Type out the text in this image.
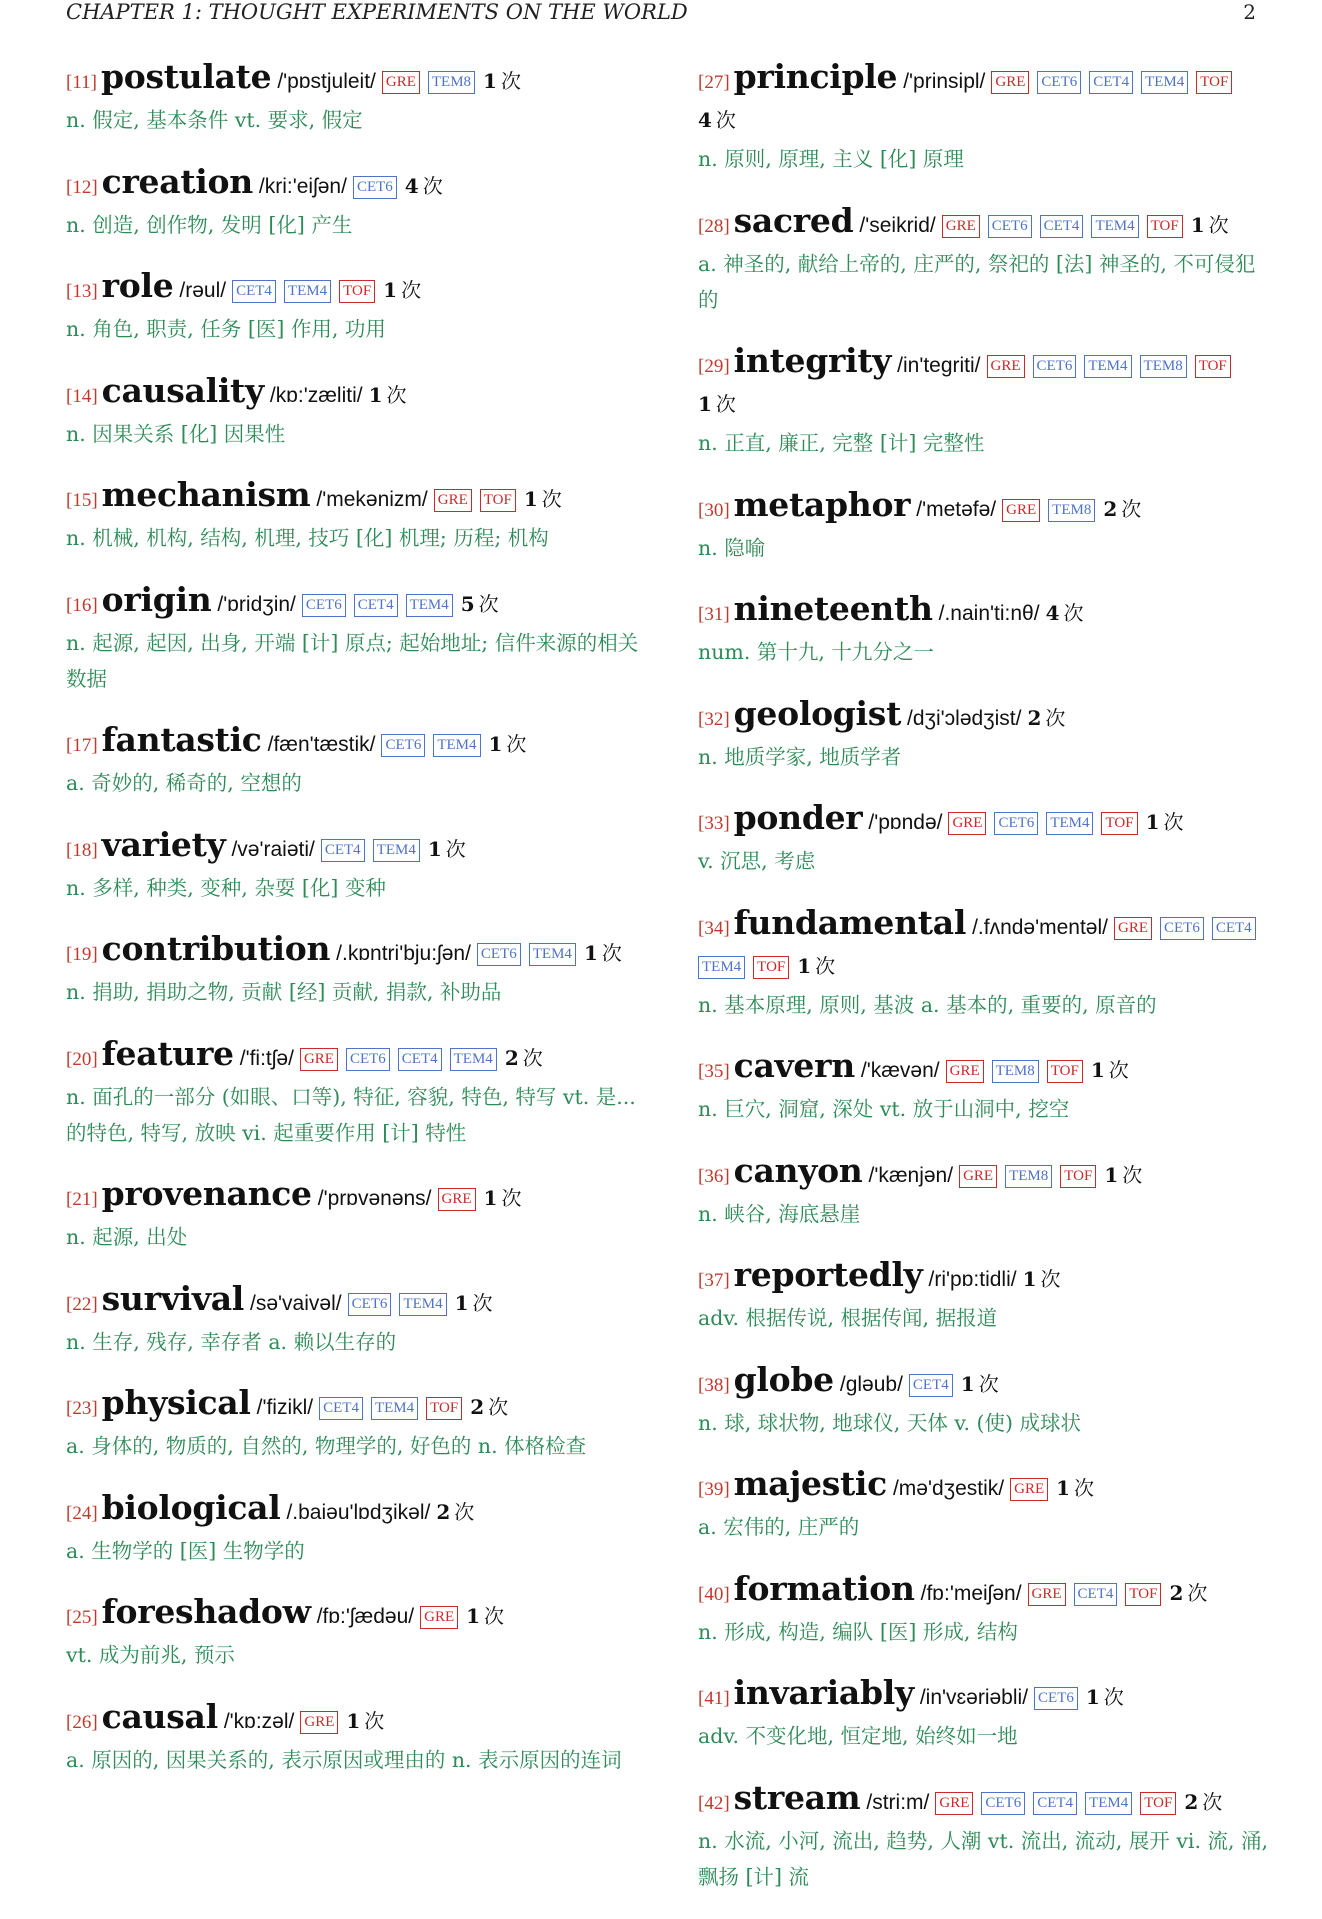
CHAPTER 1: THOUGHT EXPERIMENTS ON THE WORLD	2
[11] postulate /'pɒstjuleit/ GRE TEM8 1 次
n. 假定, 基本条件 vt. 要求, 假定
[12] creation /kri:'eiʃən/ CET6 4 次
n. 创造, 创作物, 发明 [化] 产生
[13] role /rəul/ CET4 TEM4 TOF 1 次
n. 角色, 职责, 任务 [医] 作用, 功用
[14] causality /kɒ:'zæliti/ 1 次
n. 因果关系 [化] 因果性
[15] mechanism /'mekənizm/ GRE TOF 1 次
n. 机械, 机构, 结构, 机理, 技巧 [化] 机理; 历程; 机构
[16] origin /'ɒridʒin/ CET6 CET4 TEM4 5 次
n. 起源, 起因, 出身, 开端 [计] 原点; 起始地址; 信件来源的相关数据
[17] fantastic /fæn'tæstik/ CET6 TEM4 1 次
a. 奇妙的, 稀奇的, 空想的
[18] variety /və'raiəti/ CET4 TEM4 1 次
n. 多样, 种类, 变种, 杂耍 [化] 变种
[19] contribution /.kɒntri'bju:ʃən/ CET6 TEM4 1 次
n. 捐助, 捐助之物, 贡献 [经] 贡献, 捐款, 补助品
[20] feature /'fi:tʃə/ GRE CET6 CET4 TEM4 2 次
n. 面孔的一部分 (如眼、口等), 特征, 容貌, 特色, 特写 vt. 是... 的特色, 特写, 放映 vi. 起重要作用 [计] 特性
[21] provenance /'prɒvənəns/ GRE 1 次
n. 起源, 出处
[22] survival /sə'vaivəl/ CET6 TEM4 1 次
n. 生存, 残存, 幸存者 a. 赖以生存的
[23] physical /'fizikl/ CET4 TEM4 TOF 2 次
a. 身体的, 物质的, 自然的, 物理学的, 好色的 n. 体格检查
[24] biological /.baiəu'lɒdʒikəl/ 2 次
a. 生物学的 [医] 生物学的
[25] foreshadow /fɒ:'ʃædəu/ GRE 1 次
vt. 成为前兆, 预示
[26] causal /'kɒ:zəl/ GRE 1 次
a. 原因的, 因果关系的, 表示原因或理由的 n. 表示原因的连词
[27] principle /'prinsipl/ GRE CET6 CET4 TEM4 TOF 4 次
n. 原则, 原理, 主义 [化] 原理
[28] sacred /'seikrid/ GRE CET6 CET4 TEM4 TOF 1 次
a. 神圣的, 献给上帝的, 庄严的, 祭祀的 [法] 神圣的, 不可侵犯的
[29] integrity /in'tegriti/ GRE CET6 TEM4 TEM8 TOF 1 次
n. 正直, 廉正, 完整 [计] 完整性
[30] metaphor /'metəfə/ GRE TEM8 2 次
n. 隐喻
[31] nineteenth /.nain'ti:nθ/ 4 次
num. 第十九, 十九分之一
[32] geologist /dʒi'ɔlədʒist/ 2 次
n. 地质学家, 地质学者
[33] ponder /'pɒndə/ GRE CET6 TEM4 TOF 1 次
v. 沉思, 考虑
[34] fundamental /.fʌndə'mentəl/ GRE CET6 CET4 TEM4 TOF 1 次
n. 基本原理, 原则, 基波 a. 基本的, 重要的, 原音的
[35] cavern /'kævən/ GRE TEM8 TOF 1 次
n. 巨穴, 洞窟, 深处 vt. 放于山洞中, 挖空
[36] canyon /'kænjən/ GRE TEM8 TOF 1 次
n. 峡谷, 海底悬崖
[37] reportedly /ri'pɒ:tidli/ 1 次
adv. 根据传说, 根据传闻, 据报道
[38] globe /gləub/ CET4 1 次
n. 球, 球状物, 地球仪, 天体 v. (使) 成球状
[39] majestic /mə'dʒestik/ GRE 1 次
a. 宏伟的, 庄严的
[40] formation /fɒ:'meiʃən/ GRE CET4 TOF 2 次
n. 形成, 构造, 编队 [医] 形成, 结构
[41] invariably /in'vɛəriəbli/ CET6 1 次
adv. 不变化地, 恒定地, 始终如一地
[42] stream /stri:m/ GRE CET6 CET4 TEM4 TOF 2 次
n. 水流, 小河, 流出, 趋势, 人潮 vt. 流出, 流动, 展开 vi. 流, 涌, 飘扬 [计] 流
